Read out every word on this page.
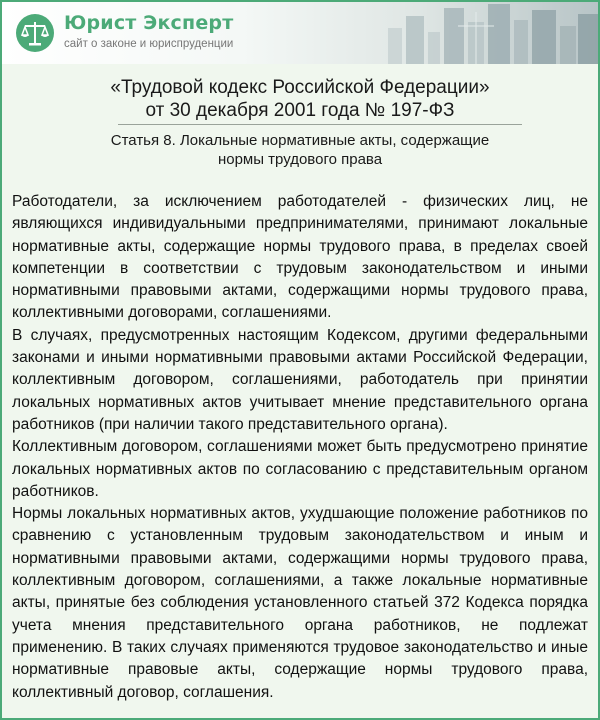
Юрист Эксперт
сайт о законе и юриспруденции
«Трудовой кодекс Российской Федерации»
от 30 декабря 2001 года № 197-ФЗ
Статья 8. Локальные нормативные акты, содержащие
нормы трудового права

Работодатели, за исключением работодателей - физических лиц, не являющихся индивидуальными предпринимателями, принимают локальные нормативные акты, содержащие нормы трудового права, в пределах своей компетенции в соответствии с трудовым законодательством и иными нормативными правовыми актами, содержащими нормы трудового права, коллективными договорами, соглашениями.

В случаях, предусмотренных настоящим Кодексом, другими федеральными законами и иными нормативными правовыми актами Российской Федерации, коллективным договором, соглашениями, работодатель при принятии локальных нормативных актов учитывает мнение представительного органа работников (при наличии такого представительного органа).

Коллективным договором, соглашениями может быть предусмотрено принятие локальных нормативных актов по согласованию с представительным органом работников.

Нормы локальных нормативных актов, ухудшающие положение работников по сравнению с установленным трудовым законодательством и иным и нормативными правовыми актами, содержащими нормы трудового права, коллективным договором, соглашениями, а также локальные нормативные акты, принятые без соблюдения установленного статьей 372 Кодекса порядка учета мнения представительного органа работников, не подлежат применению. В таких случаях применяются трудовое законодательство и иные нормативные правовые акты, содержащие нормы трудового права, коллективный договор, соглашения.
